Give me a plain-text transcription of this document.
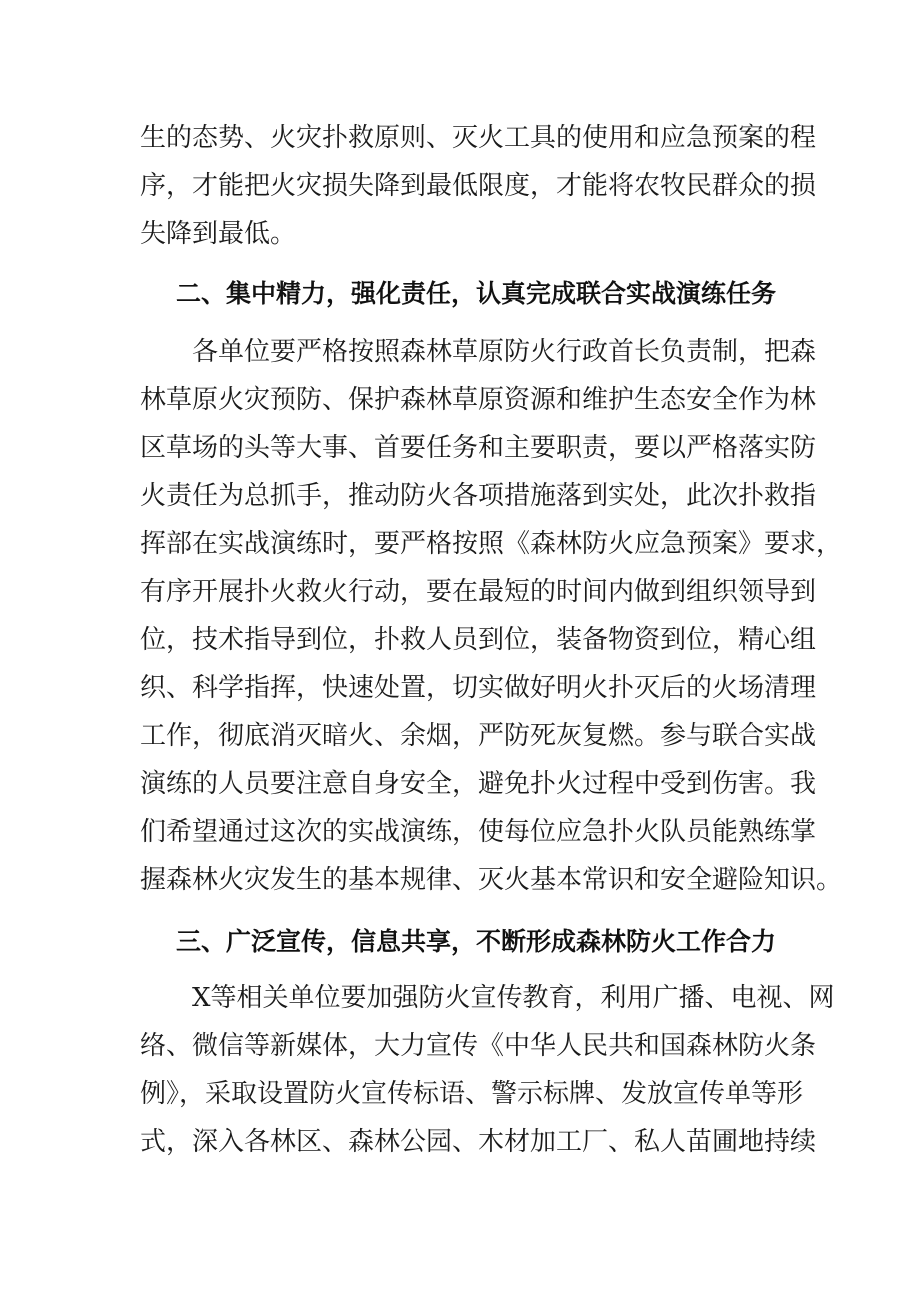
生的态势、火灾扑救原则、灭火工具的使用和应急预案的程
序，才能把火灾损失降到最低限度，才能将农牧民群众的损
失降到最低。
二、集中精力，强化责任，认真完成联合实战演练任务
各单位要严格按照森林草原防火行政首长负责制，把森
林草原火灾预防、保护森林草原资源和维护生态安全作为林
区草场的头等大事、首要任务和主要职责，要以严格落实防
火责任为总抓手，推动防火各项措施落到实处，此次扑救指
挥部在实战演练时，要严格按照《森林防火应急预案》要求，
有序开展扑火救火行动，要在最短的时间内做到组织领导到
位，技术指导到位，扑救人员到位，装备物资到位，精心组
织、科学指挥，快速处置，切实做好明火扑灭后的火场清理
工作，彻底消灭暗火、余烟，严防死灰复燃。参与联合实战
演练的人员要注意自身安全，避免扑火过程中受到伤害。我
们希望通过这次的实战演练，使每位应急扑火队员能熟练掌
握森林火灾发生的基本规律、灭火基本常识和安全避险知识。
三、广泛宣传，信息共享，不断形成森林防火工作合力
X等相关单位要加强防火宣传教育，利用广播、电视、网
络、微信等新媒体，大力宣传《中华人民共和国森林防火条
例》，采取设置防火宣传标语、警示标牌、发放宣传单等形
式，深入各林区、森林公园、木材加工厂、私人苗圃地持续
